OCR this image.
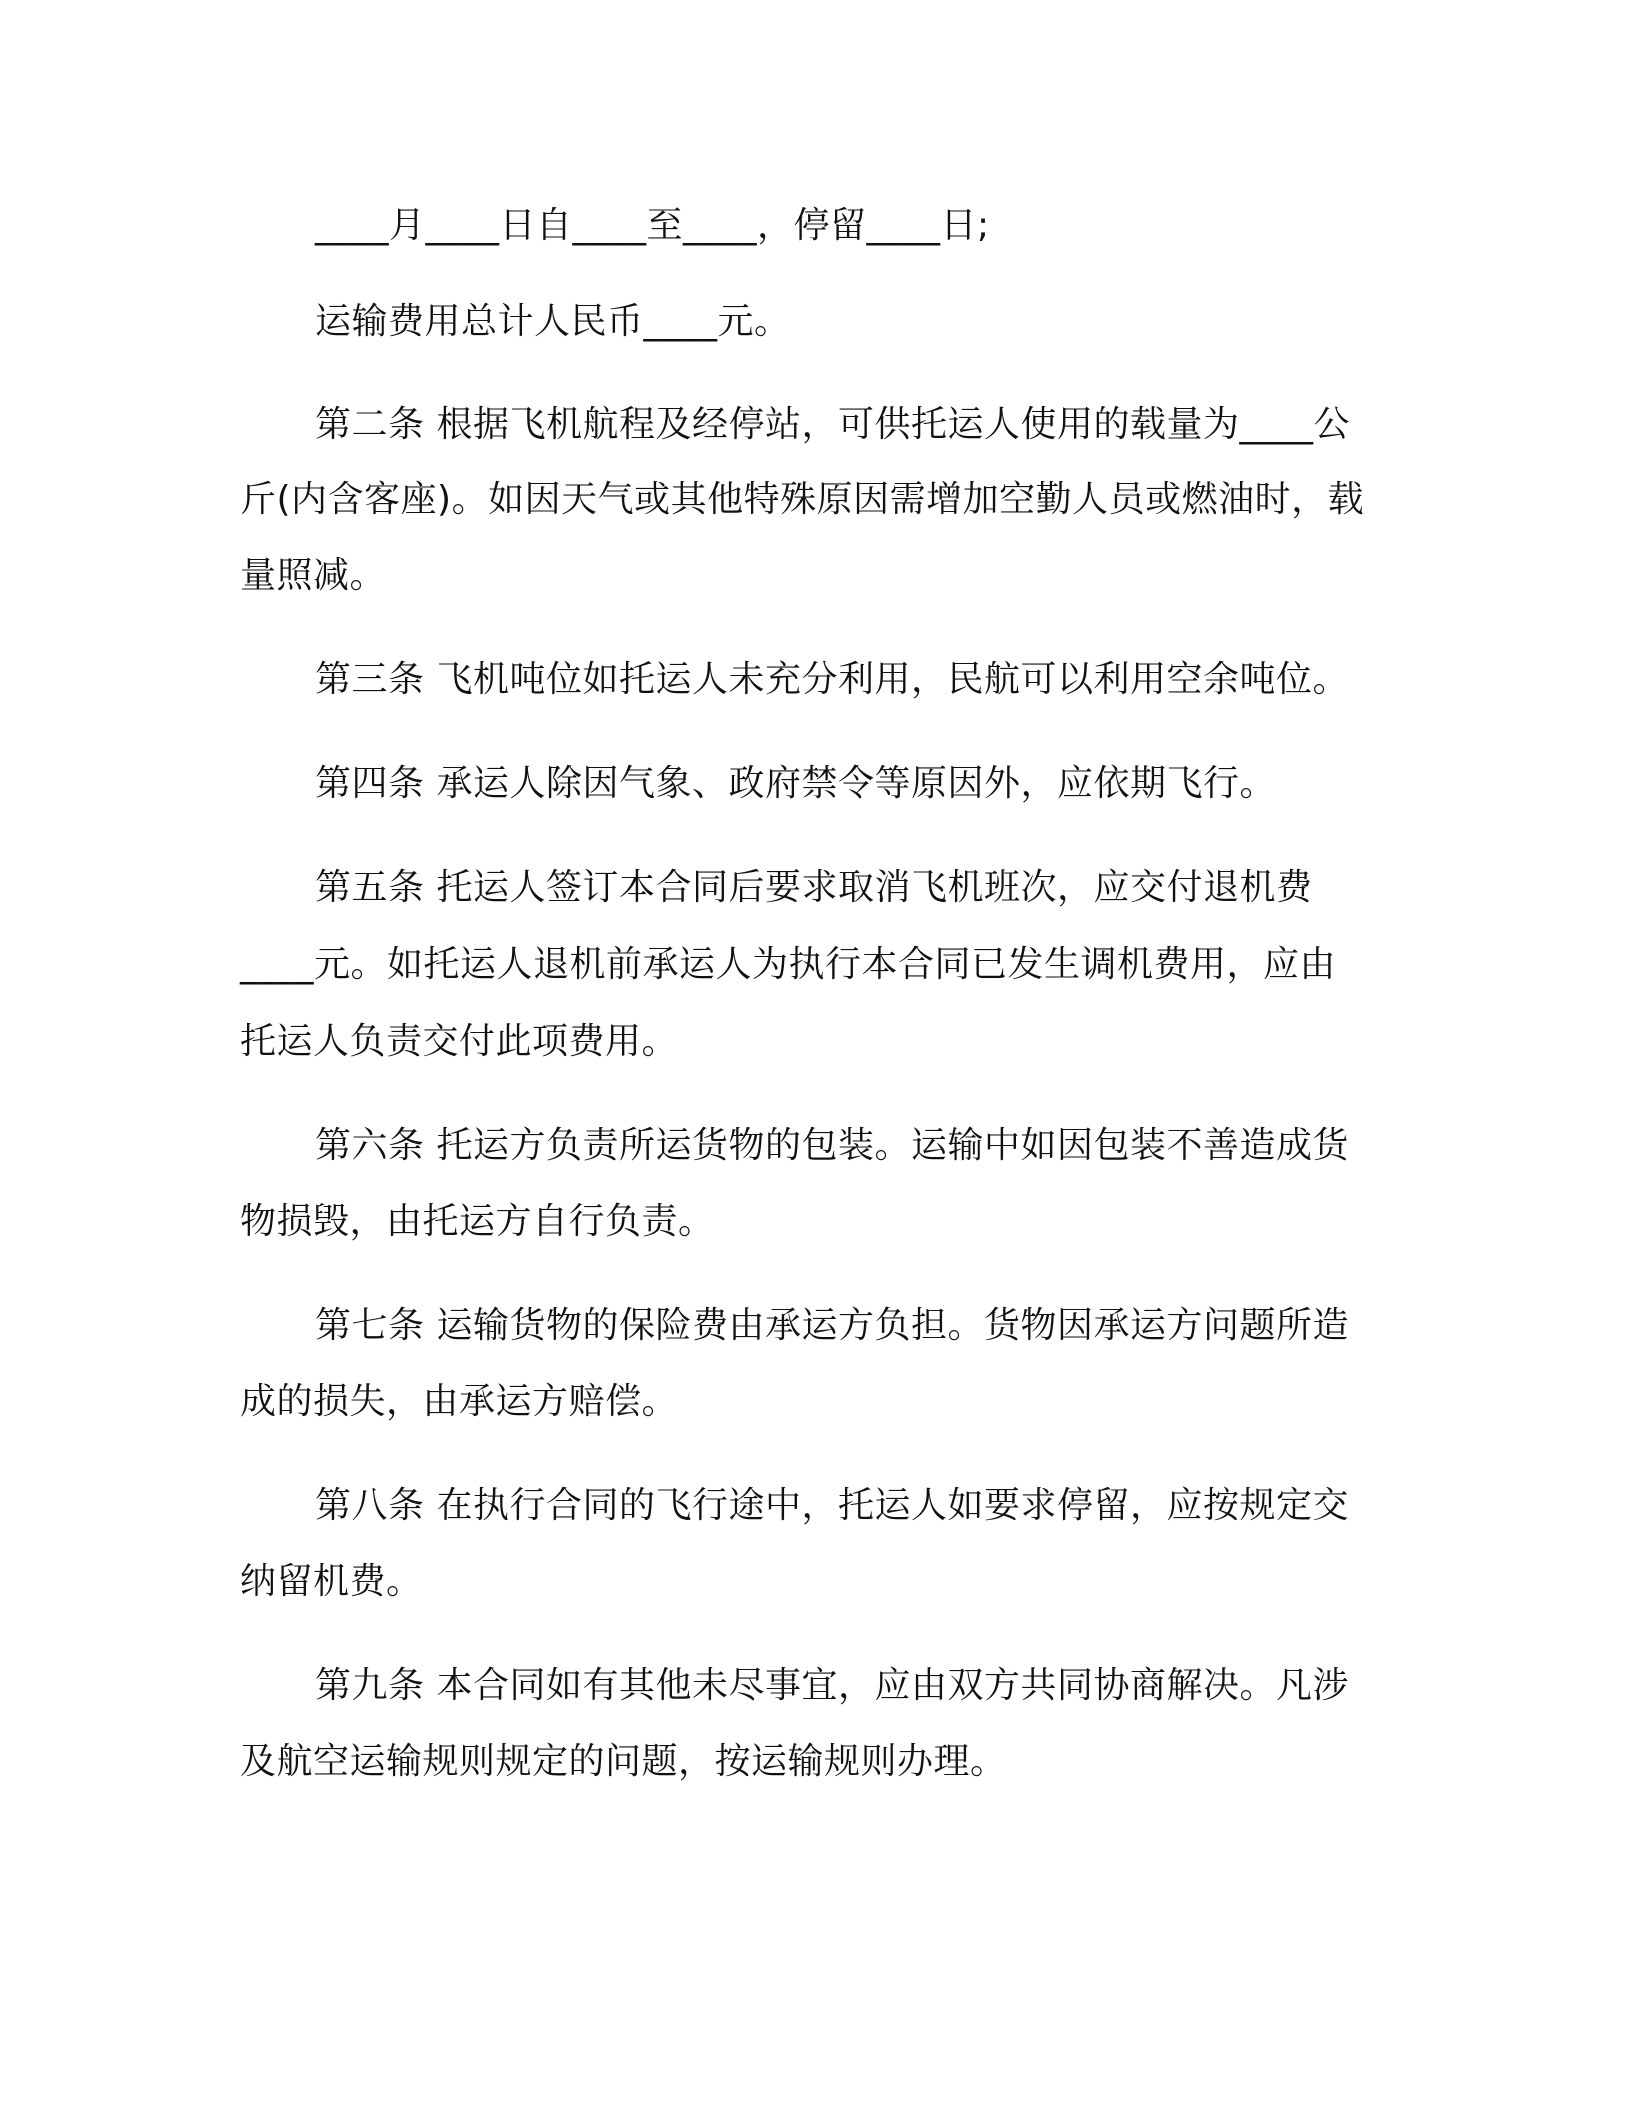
____月____日自____至____，停留____日;
运输费用总计人民币____元。
第二条 根据飞机航程及经停站，可供托运人使用的载量为____公
斤(内含客座)。如因天气或其他特殊原因需增加空勤人员或燃油时，载
量照减。
第三条 飞机吨位如托运人未充分利用，民航可以利用空余吨位。
第四条 承运人除因气象、政府禁令等原因外，应依期飞行。
第五条 托运人签订本合同后要求取消飞机班次，应交付退机费
____元。如托运人退机前承运人为执行本合同已发生调机费用，应由
托运人负责交付此项费用。
第六条 托运方负责所运货物的包装。运输中如因包装不善造成货
物损毁，由托运方自行负责。
第七条 运输货物的保险费由承运方负担。货物因承运方问题所造
成的损失，由承运方赔偿。
第八条 在执行合同的飞行途中，托运人如要求停留，应按规定交
纳留机费。
第九条 本合同如有其他未尽事宜，应由双方共同协商解决。凡涉
及航空运输规则规定的问题，按运输规则办理。
